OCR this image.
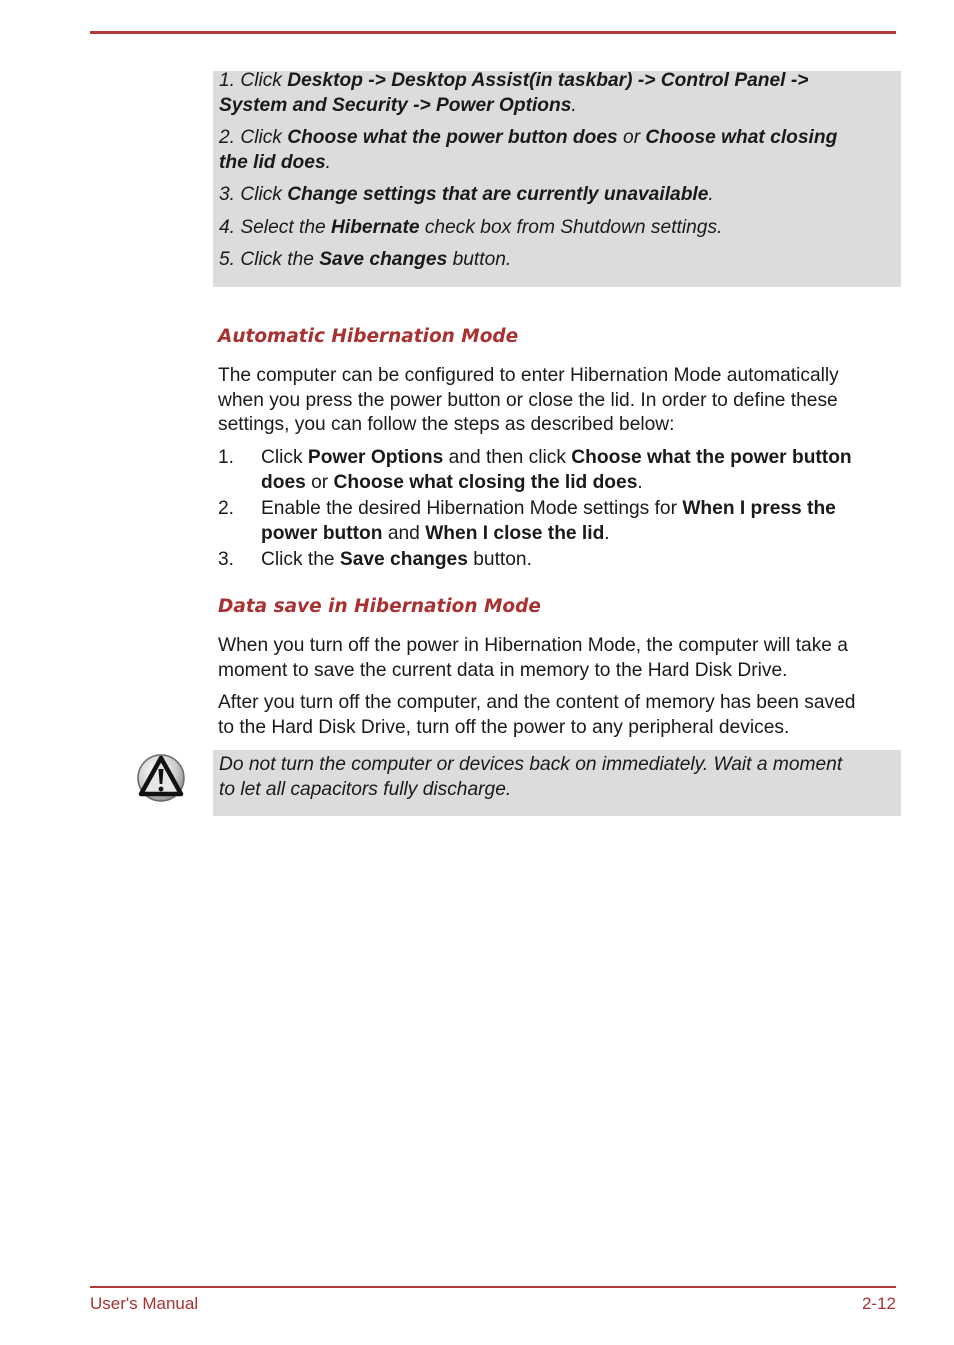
1. Click Desktop -> Desktop Assist(in taskbar) -> Control Panel ->
System and Security -> Power Options.
2. Click Choose what the power button does or Choose what closing
the lid does.
3. Click Change settings that are currently unavailable.
4. Select the Hibernate check box from Shutdown settings.
5. Click the Save changes button.
Automatic Hibernation Mode
The computer can be configured to enter Hibernation Mode automatically
when you press the power button or close the lid. In order to define these
settings, you can follow the steps as described below:
1. Click Power Options and then click Choose what the power button
does or Choose what closing the lid does.
2. Enable the desired Hibernation Mode settings for When I press the
power button and When I close the lid.
3. Click the Save changes button.
Data save in Hibernation Mode
When you turn off the power in Hibernation Mode, the computer will take a
moment to save the current data in memory to the Hard Disk Drive.
After you turn off the computer, and the content of memory has been saved
to the Hard Disk Drive, turn off the power to any peripheral devices.
Do not turn the computer or devices back on immediately. Wait a moment
to let all capacitors fully discharge.
User's Manual	2-12
